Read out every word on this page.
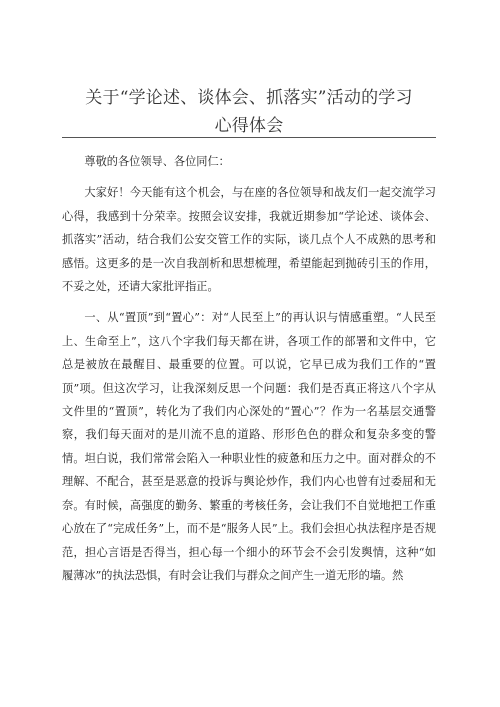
关于“学论述、谈体会、抓落实”活动的学习
心得体会

尊敬的各位领导、各位同仁：

大家好！今天能有这个机会，与在座的各位领导和战友们一起交流学习心得，我感到十分荣幸。按照会议安排，我就近期参加“学论述、谈体会、抓落实”活动，结合我们公安交管工作的实际，谈几点个人不成熟的思考和感悟。这更多的是一次自我剖析和思想梳理，希望能起到抛砖引玉的作用，不妥之处，还请大家批评指正。

一、从“置顶”到“置心”：对“人民至上”的再认识与情感重塑。“人民至上、生命至上”，这八个字我们每天都在讲，各项工作的部署和文件中，它总是被放在最醒目、最重要的位置。可以说，它早已成为我们工作的“置顶”项。但这次学习，让我深刻反思一个问题：我们是否真正将这八个字从文件里的“置顶”，转化为了我们内心深处的“置心”？作为一名基层交通警察，我们每天面对的是川流不息的道路、形形色色的群众和复杂多变的警情。坦白说，我们常常会陷入一种职业性的疲惫和压力之中。面对群众的不理解、不配合，甚至是恶意的投诉与舆论炒作，我们内心也曾有过委屈和无奈。有时候，高强度的勤务、繁重的考核任务，会让我们不自觉地把工作重心放在了“完成任务”上，而不是“服务人民”上。我们会担心执法程序是否规范，担心言语是否得当，担心每一个细小的环节会不会引发舆情，这种“如履薄冰”的执法恐惧，有时会让我们与群众之间产生一道无形的墙。然
